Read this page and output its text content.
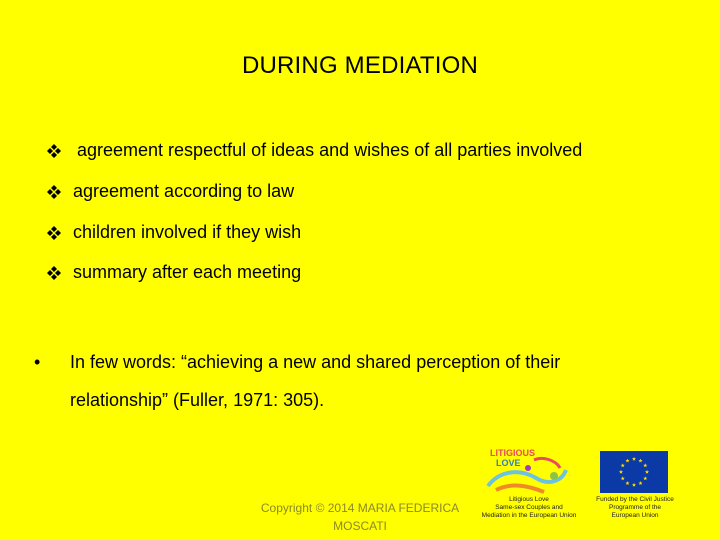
DURING MEDIATION
agreement respectful of ideas and wishes of all parties involved
agreement according to law
children involved if they wish
summary after each meeting
•	In few words: “achieving a new and shared perception of their
relationship” (Fuller, 1971: 305).
Copyright © 2014 MARIA FEDERICA
MOSCATI
LITIGIOUS
LOVE
Litigious Love
Same-sex Couples and
Mediation in the European Union
Funded by the Civil Justice
Programme of the
European Union
